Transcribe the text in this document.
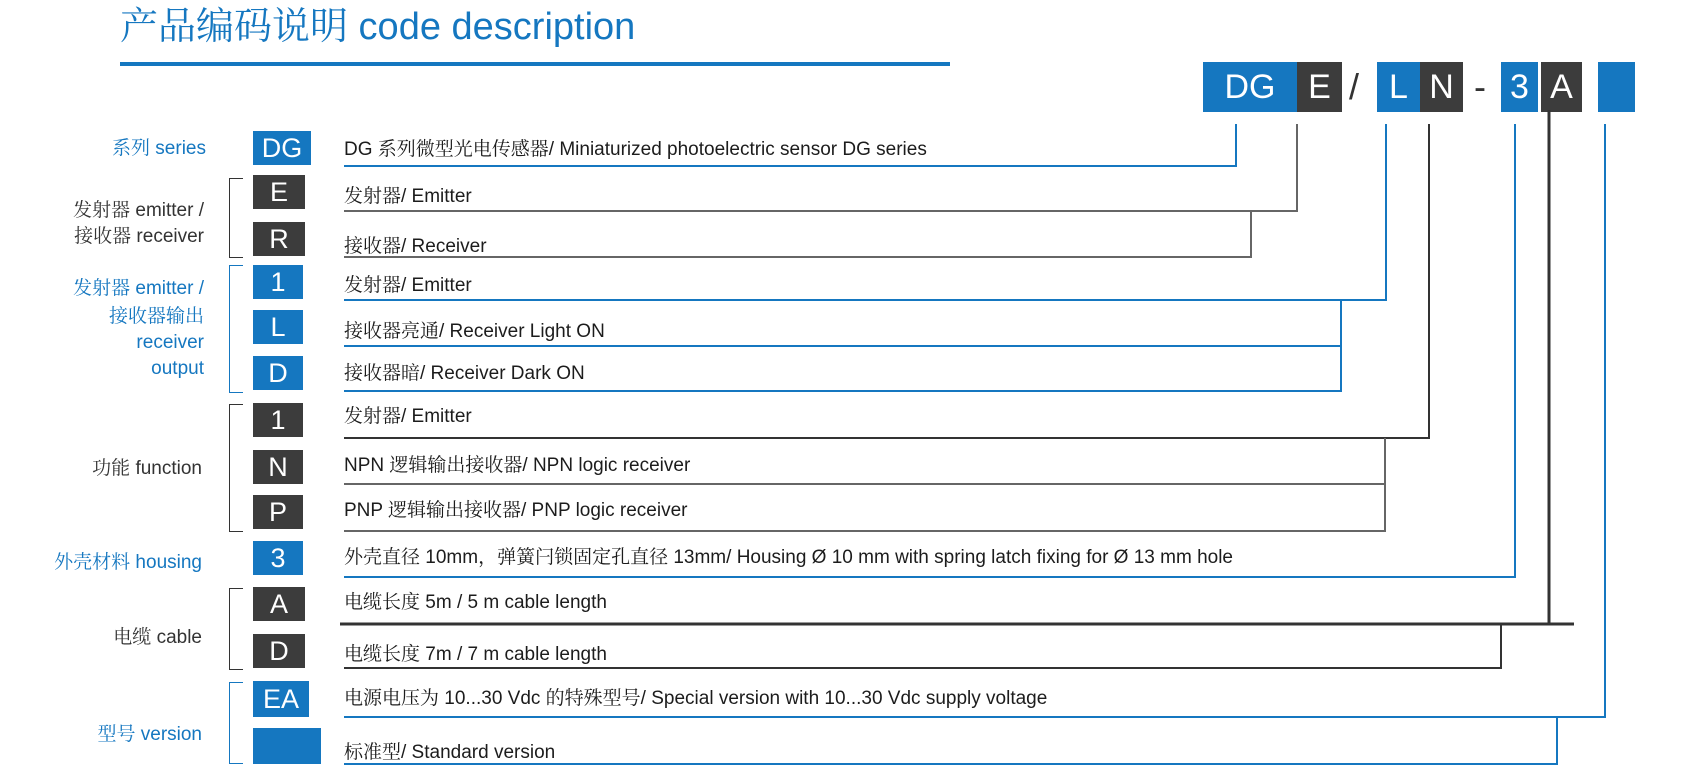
产品编码说明 code description
DG E / L N - 3 A
系列 series
发射器 emitter /
接收器 receiver
发射器 emitter /
接收器输出
receiver
output
功能 function
外壳材料 housing
电缆 cable
型号 version
DG
E
R
1
L
D
1
N
P
3
A
D
EA
DG 系列微型光电传感器/ Miniaturized photoelectric sensor DG series
发射器/ Emitter
接收器/ Receiver
发射器/ Emitter
接收器亮通/ Receiver Light ON
接收器暗/ Receiver Dark ON
发射器/ Emitter
NPN 逻辑输出接收器/ NPN logic receiver
PNP 逻辑输出接收器/ PNP logic receiver
外壳直径 10mm，弹簧闩锁固定孔直径 13mm/ Housing Ø 10 mm with spring latch fixing for Ø 13 mm hole
电缆长度 5m / 5 m cable length
电缆长度 7m / 7 m cable length
电源电压为 10...30 Vdc 的特殊型号/ Special version with 10...30 Vdc supply voltage
标准型/ Standard version
